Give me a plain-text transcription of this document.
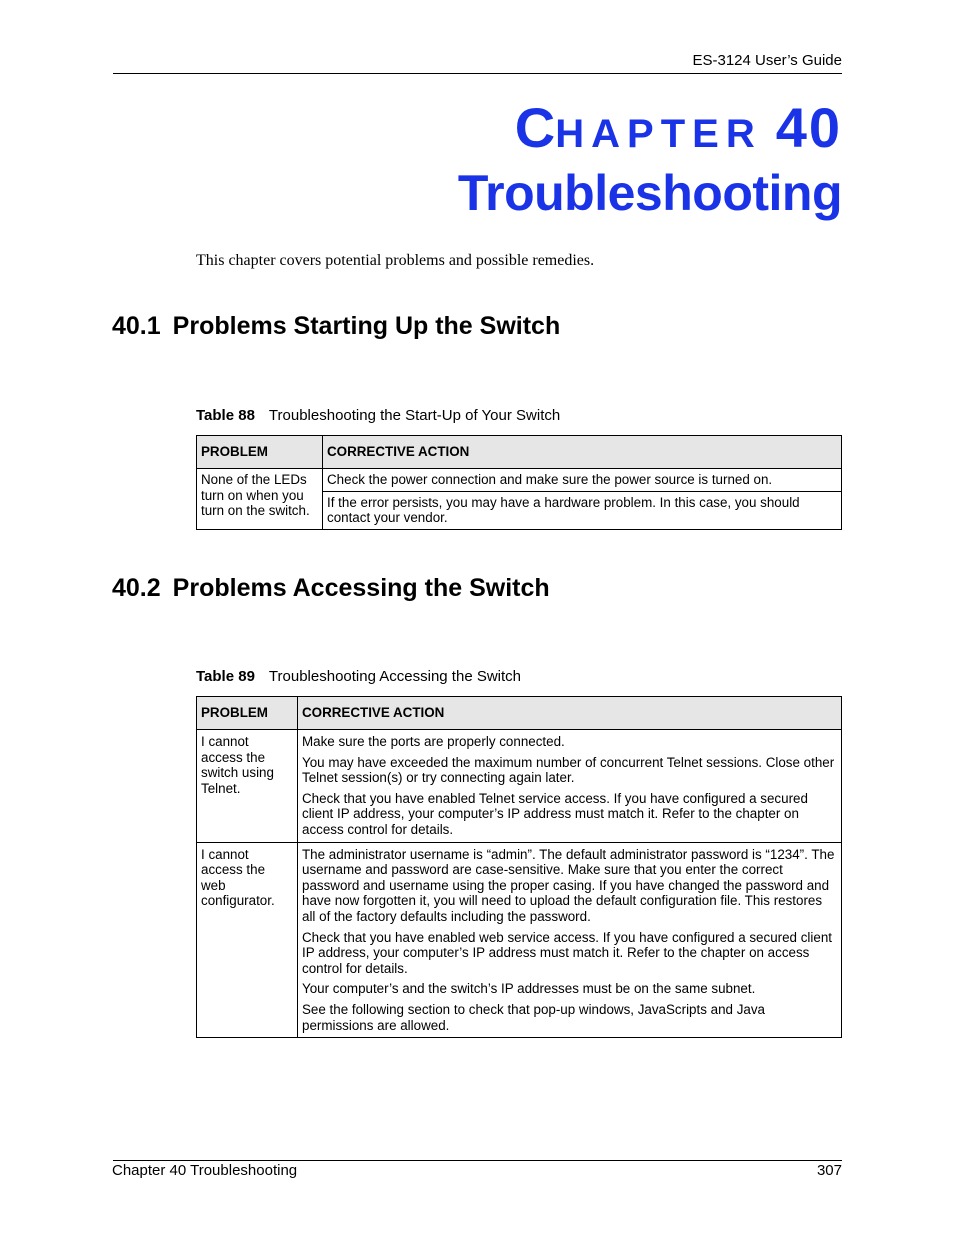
ES-3124 User’s Guide
CHAPTER 40
Troubleshooting
This chapter covers potential problems and possible remedies.
40.1 Problems Starting Up the Switch
Table 88 Troubleshooting the Start-Up of Your Switch
PROBLEM	CORRECTIVE ACTION
None of the LEDs turn on when you turn on the switch.	Check the power connection and make sure the power source is turned on.
	If the error persists, you may have a hardware problem. In this case, you should contact your vendor.
40.2 Problems Accessing the Switch
Table 89 Troubleshooting Accessing the Switch
PROBLEM	CORRECTIVE ACTION
I cannot access the switch using Telnet.	Make sure the ports are properly connected.

You may have exceeded the maximum number of concurrent Telnet sessions. Close other Telnet session(s) or try connecting again later.

Check that you have enabled Telnet service access. If you have configured a secured client IP address, your computer’s IP address must match it. Refer to the chapter on access control for details.

I cannot access the web configurator.	The administrator username is “admin”. The default administrator password is “1234”. The username and password are case-sensitive. Make sure that you enter the correct password and username using the proper casing. If you have changed the password and have now forgotten it, you will need to upload the default configuration file. This restores all of the factory defaults including the password.

Check that you have enabled web service access. If you have configured a secured client IP address, your computer’s IP address must match it. Refer to the chapter on access control for details.

Your computer’s and the switch’s IP addresses must be on the same subnet.

See the following section to check that pop-up windows, JavaScripts and Java permissions are allowed.

Chapter 40 Troubleshooting	307
